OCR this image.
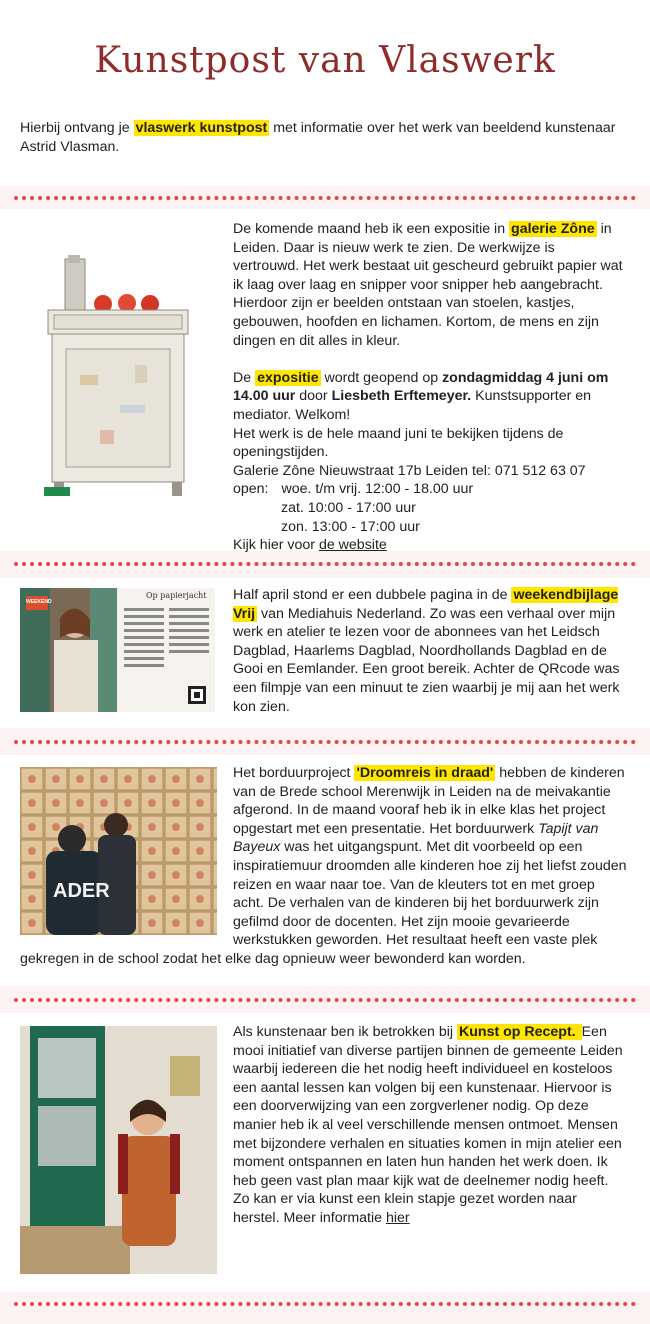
Kunstpost van Vlaswerk
Hierbij ontvang je vlaswerk kunstpost met informatie over het werk van beeldend kunstenaar Astrid Vlasman.
De komende maand heb ik een expositie in galerie Zône in Leiden. Daar is nieuw werk te zien. De werkwijze is vertrouwd. Het werk bestaat uit gescheurd gebruikt papier wat ik laag over laag en snipper voor snipper heb aangebracht. Hierdoor zijn er beelden ontstaan van stoelen, kastjes, gebouwen, hoofden en lichamen. Kortom, de mens en zijn dingen en dit alles in kleur.
De expositie wordt geopend op zondagmiddag 4 juni om 14.00 uur door Liesbeth Erftemeyer. Kunstsupporter en mediator. Welkom!
Het werk is de hele maand juni te bekijken tijdens de openingstijden.
Galerie Zône Nieuwstraat 17b Leiden tel: 071 512 63 07
open: woe. t/m vrij. 12:00 - 18.00 uur
zat. 10:00 - 17:00 uur
zon. 13:00 - 17:00 uur
Kijk hier voor de website
Op papierjacht
WEEKEND	Half april stond er een dubbele pagina in de weekendbijlage Vrij van Mediahuis Nederland. Zo was een verhaal over mijn werk en atelier te lezen voor de abonnees van het Leidsch Dagblad, Haarlems Dagblad, Noordhollands Dagblad en de Gooi en Eemlander. Een groot bereik. Achter de QRcode was een filmpje van een minuut te zien waarbij je mij aan het werk kon zien.
ADER
Het borduurproject 'Droomreis in draad' hebben de kinderen van de Brede school Merenwijk in Leiden na de meivakantie afgerond. In de maand vooraf heb ik in elke klas het project opgestart met een presentatie. Het borduurwerk Tapijt van Bayeux was het uitgangspunt. Met dit voorbeeld op een inspiratiemuur droomden alle kinderen hoe zij het liefst zouden reizen en waar naar toe. Van de kleuters tot en met groep acht. De verhalen van de kinderen bij het borduurwerk zijn gefilmd door de docenten. Het zijn mooie gevarieerde werkstukken geworden. Het resultaat heeft een vaste plek gekregen in de school zodat het elke dag opnieuw weer bewonderd kan worden.
Als kunstenaar ben ik betrokken bij Kunst op Recept. Een mooi initiatief van diverse partijen binnen de gemeente Leiden waarbij iedereen die het nodig heeft individueel en kosteloos een aantal lessen kan volgen bij een kunstenaar. Hiervoor is een doorverwijzing van een zorgverlener nodig. Op deze manier heb ik al veel verschillende mensen ontmoet. Mensen met bijzondere verhalen en situaties komen in mijn atelier een moment ontspannen en laten hun handen het werk doen. Ik heb geen vast plan maar kijk wat de deelnemer nodig heeft. Zo kan er via kunst een klein stapje gezet worden naar herstel. Meer informatie hier
